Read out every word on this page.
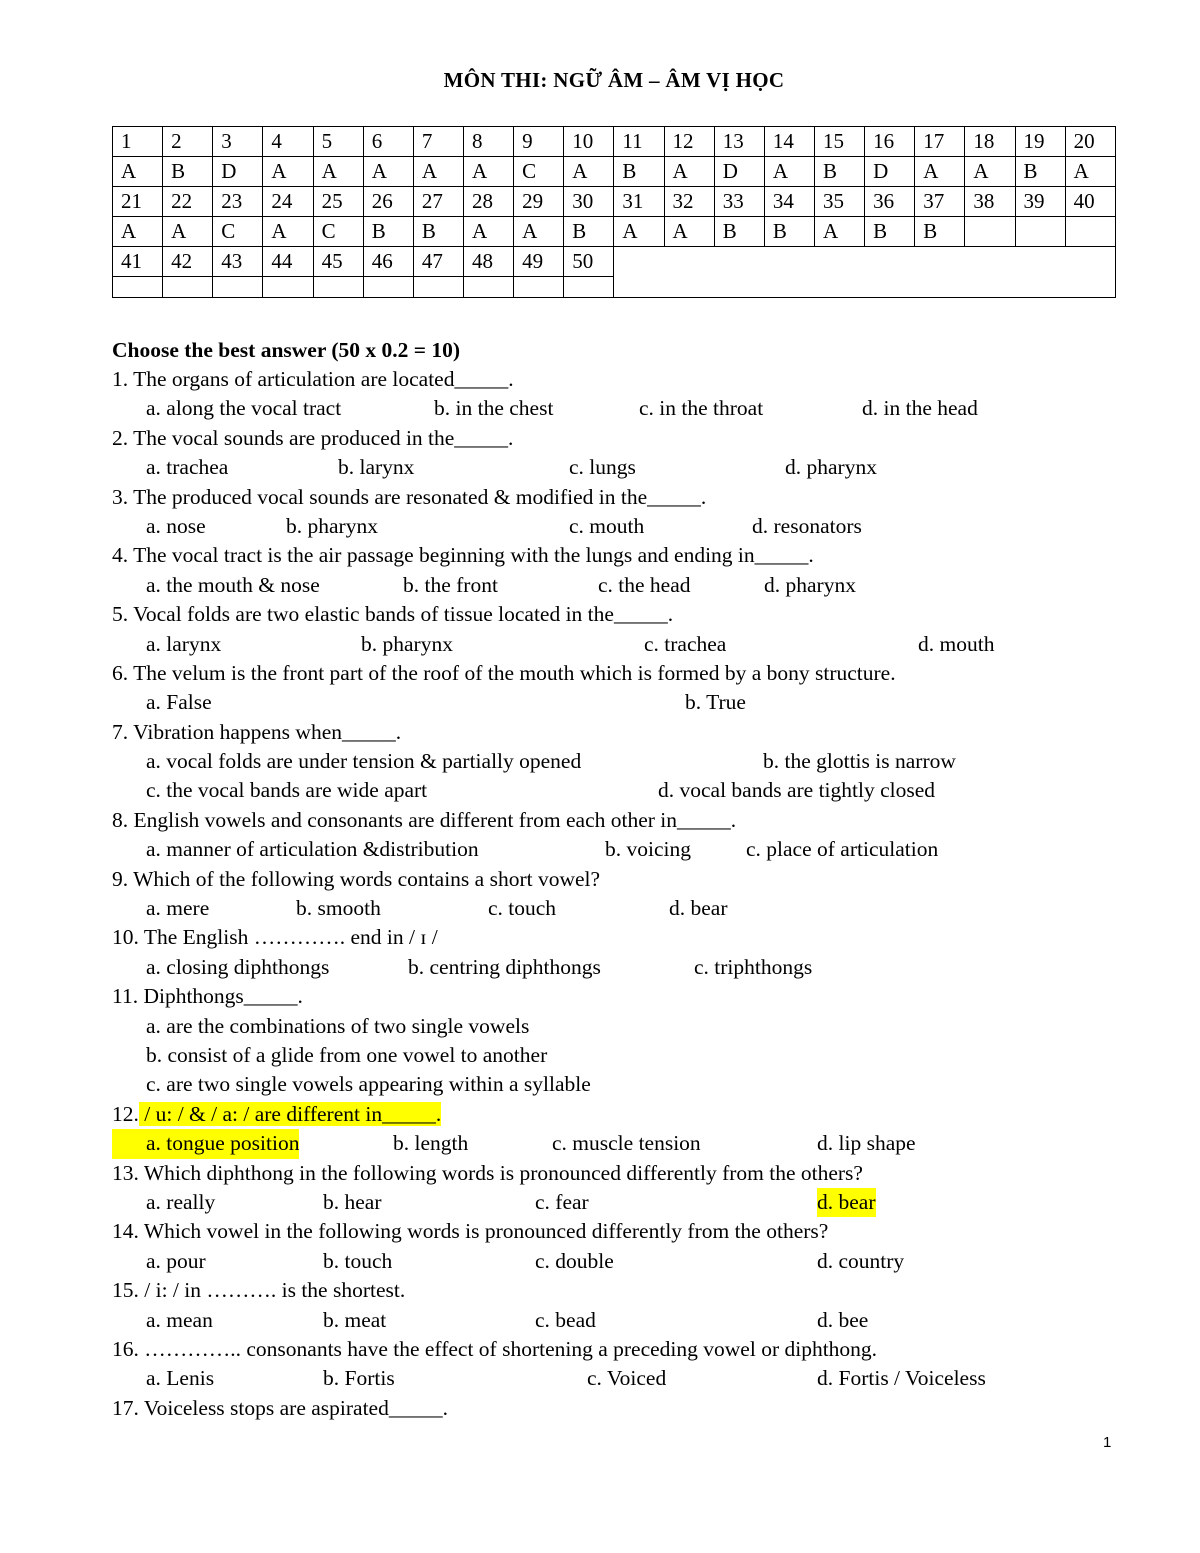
MÔN THI: NGỮ ÂM – ÂM VỊ HỌC
1	2	3	4	5	6	7	8	9	10	11	12	13	14	15	16	17	18	19	20
A	B	D	A	A	A	A	A	C	A	B	A	D	A	B	D	A	A	B	A
21	22	23	24	25	26	27	28	29	30	31	32	33	34	35	36	37	38	39	40
A	A	C	A	C	B	B	A	A	B	A	A	B	B	A	B	B			
41	42	43	44	45	46	47	48	49	50										

Choose the best answer (50 x 0.2 = 10)
1. The organs of articulation are located_____.
a. along the vocal tract	b. in the chest	c. in the throat	d. in the head
2. The vocal sounds are produced in the_____.
a. trachea	b. larynx	c. lungs	d. pharynx
3. The produced vocal sounds are resonated & modified in the_____.
a. nose	b. pharynx	c. mouth	d. resonators
4. The vocal tract is the air passage beginning with the lungs and ending in_____.
a. the mouth & nose	b. the front	c. the head	d. pharynx
5. Vocal folds are two elastic bands of tissue located in the_____.
a. larynx	b. pharynx	c. trachea	d. mouth
6. The velum is the front part of the roof of the mouth which is formed by a bony structure.
a. False	b. True
7. Vibration happens when_____.
a. vocal folds are under tension & partially opened	b. the glottis is narrow
c. the vocal bands are wide apart	d. vocal bands are tightly closed
8. English vowels and consonants are different from each other in_____.
a. manner of articulation &distribution	b. voicing	c. place of articulation
9. Which of the following words contains a short vowel?
a. mere	b. smooth	c. touch	d. bear
10. The English …………. end in / ɪ /
a. closing diphthongs	b. centring diphthongs	c. triphthongs
11. Diphthongs_____.
a. are the combinations of two single vowels
b. consist of a glide from one vowel to another
c. are two single vowels appearing within a syllable
12. / u: / & / a: / are different in_____.
a. tongue position	b. length	c. muscle tension	d. lip shape
13. Which diphthong in the following words is pronounced differently from the others?
a. really	b. hear	c. fear	d. bear
14. Which vowel in the following words is pronounced differently from the others?
a. pour	b. touch	c. double	d. country
15. / i: / in ………. is the shortest.
a. mean	b. meat	c. bead	d. bee
16. ………….. consonants have the effect of shortening a preceding vowel or diphthong.
a. Lenis	b. Fortis	c. Voiced	d. Fortis / Voiceless
17. Voiceless stops are aspirated_____.
1
